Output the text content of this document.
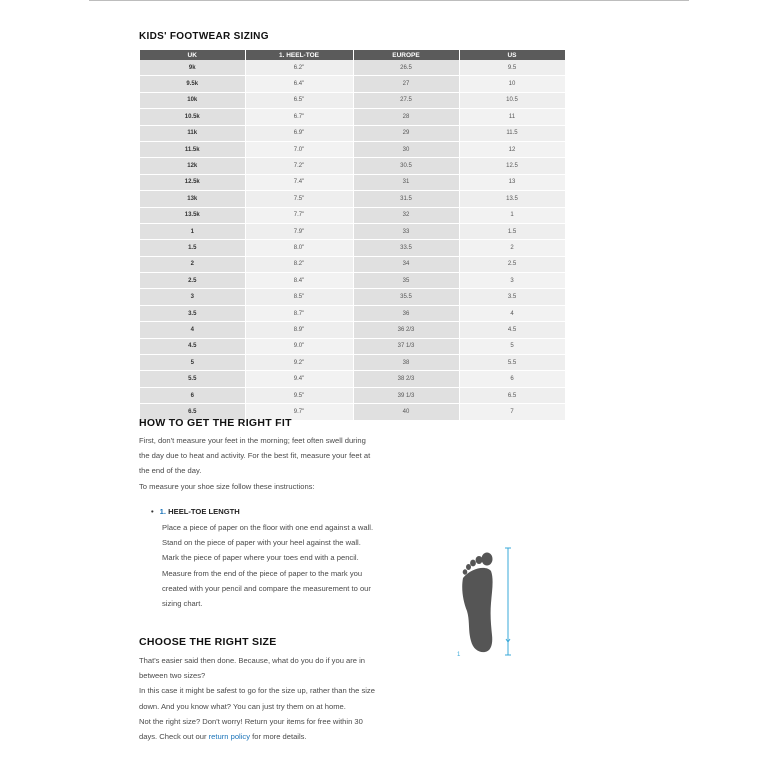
KIDS' FOOTWEAR SIZING
UK	1. HEEL-TOE	EUROPE	US
9k	6.2"	26.5	9.5
9.5k	6.4"	27	10
10k	6.5"	27.5	10.5
10.5k	6.7"	28	11
11k	6.9"	29	11.5
11.5k	7.0"	30	12
12k	7.2"	30.5	12.5
12.5k	7.4"	31	13
13k	7.5"	31.5	13.5
13.5k	7.7"	32	1
1	7.9"	33	1.5
1.5	8.0"	33.5	2
2	8.2"	34	2.5
2.5	8.4"	35	3
3	8.5"	35.5	3.5
3.5	8.7"	36	4
4	8.9"	36 2/3	4.5
4.5	9.0"	37 1/3	5
5	9.2"	38	5.5
5.5	9.4"	38 2/3	6
6	9.5"	39 1/3	6.5
6.5	9.7"	40	7
HOW TO GET THE RIGHT FIT
First, don't measure your feet in the morning; feet often swell during
the day due to heat and activity. For the best fit, measure your feet at
the end of the day.
To measure your shoe size follow these instructions:
• 1. HEEL-TOE LENGTH
Place a piece of paper on the floor with one end against a wall.
Stand on the piece of paper with your heel against the wall.
Mark the piece of paper where your toes end with a pencil.
Measure from the end of the piece of paper to the mark you
created with your pencil and compare the measurement to our
sizing chart.
1
CHOOSE THE RIGHT SIZE
That's easier said then done. Because, what do you do if you are in
between two sizes?
In this case it might be safest to go for the size up, rather than the size
down. And you know what? You can just try them on at home.
Not the right size? Don't worry! Return your items for free within 30
days. Check out our return policy for more details.
